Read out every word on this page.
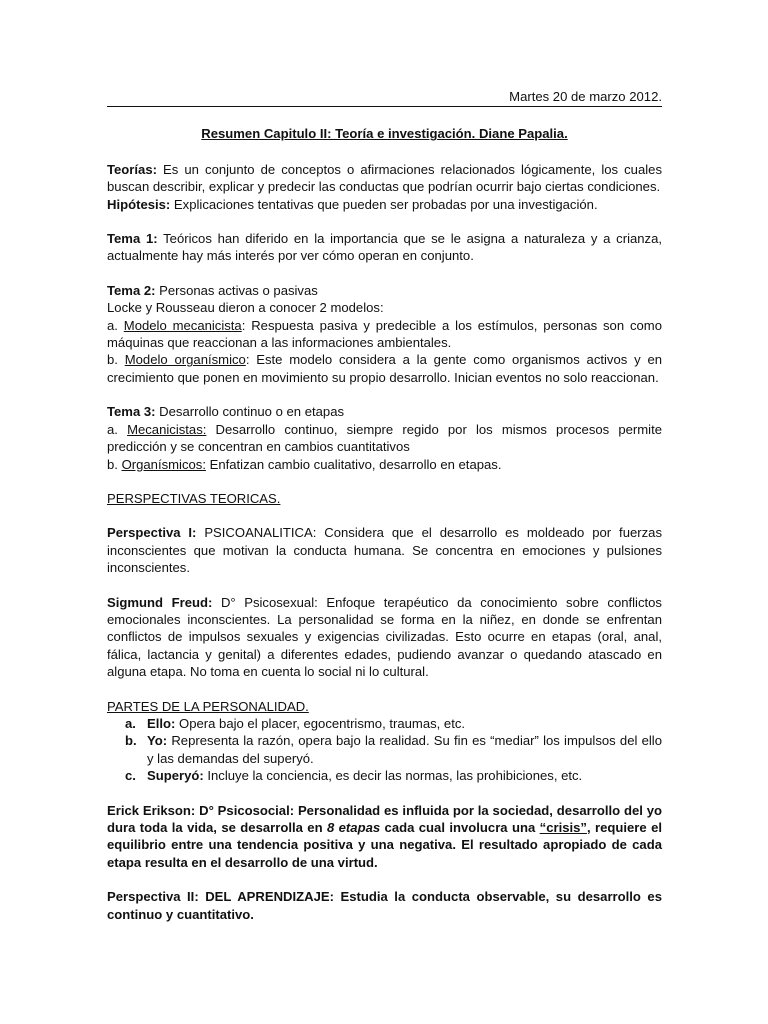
Martes 20 de marzo 2012.
Resumen Capitulo II: Teoría e investigación. Diane Papalia.

Teorías: Es un conjunto de conceptos o afirmaciones relacionados lógicamente, los cuales buscan describir, explicar y predecir las conductas que podrían ocurrir bajo ciertas condiciones.

Hipótesis: Explicaciones tentativas que pueden ser probadas por una investigación.

Tema 1: Teóricos han diferido en la importancia que se le asigna a naturaleza y a crianza, actualmente hay más interés por ver cómo operan en conjunto.

Tema 2: Personas activas o pasivas

Locke y Rousseau dieron a conocer 2 modelos:

a. Modelo mecanicista: Respuesta pasiva y predecible a los estímulos, personas son como máquinas que reaccionan a las informaciones ambientales.

b. Modelo organísmico: Este modelo considera a la gente como organismos activos y en crecimiento que ponen en movimiento su propio desarrollo. Inician eventos no solo reaccionan.

Tema 3: Desarrollo continuo o en etapas

a. Mecanicistas: Desarrollo continuo, siempre regido por los mismos procesos permite predicción y se concentran en cambios cuantitativos

b. Organísmicos: Enfatizan cambio cualitativo, desarrollo en etapas.

PERSPECTIVAS TEORICAS.

Perspectiva I: PSICOANALITICA: Considera que el desarrollo es moldeado por fuerzas inconscientes que motivan la conducta humana. Se concentra en emociones y pulsiones inconscientes.

Sigmund Freud: D° Psicosexual: Enfoque terapéutico da conocimiento sobre conflictos emocionales inconscientes. La personalidad se forma en la niñez, en donde se enfrentan conflictos de impulsos sexuales y exigencias civilizadas. Esto ocurre en etapas (oral, anal, fálica, lactancia y genital) a diferentes edades, pudiendo avanzar o quedando atascado en alguna etapa. No toma en cuenta lo social ni lo cultural.

PARTES DE LA PERSONALIDAD.

a. Ello: Opera bajo el placer, egocentrismo, traumas, etc.
b. Yo: Representa la razón, opera bajo la realidad. Su fin es “mediar” los impulsos del ello y las demandas del superyó.
c. Superyó: Incluye la conciencia, es decir las normas, las prohibiciones, etc.

Erick Erikson: D° Psicosocial: Personalidad es influida por la sociedad, desarrollo del yo dura toda la vida, se desarrolla en 8 etapas cada cual involucra una “crisis”, requiere el equilibrio entre una tendencia positiva y una negativa. El resultado apropiado de cada etapa resulta en el desarrollo de una virtud.

Perspectiva II: DEL APRENDIZAJE: Estudia la conducta observable, su desarrollo es continuo y cuantitativo.
